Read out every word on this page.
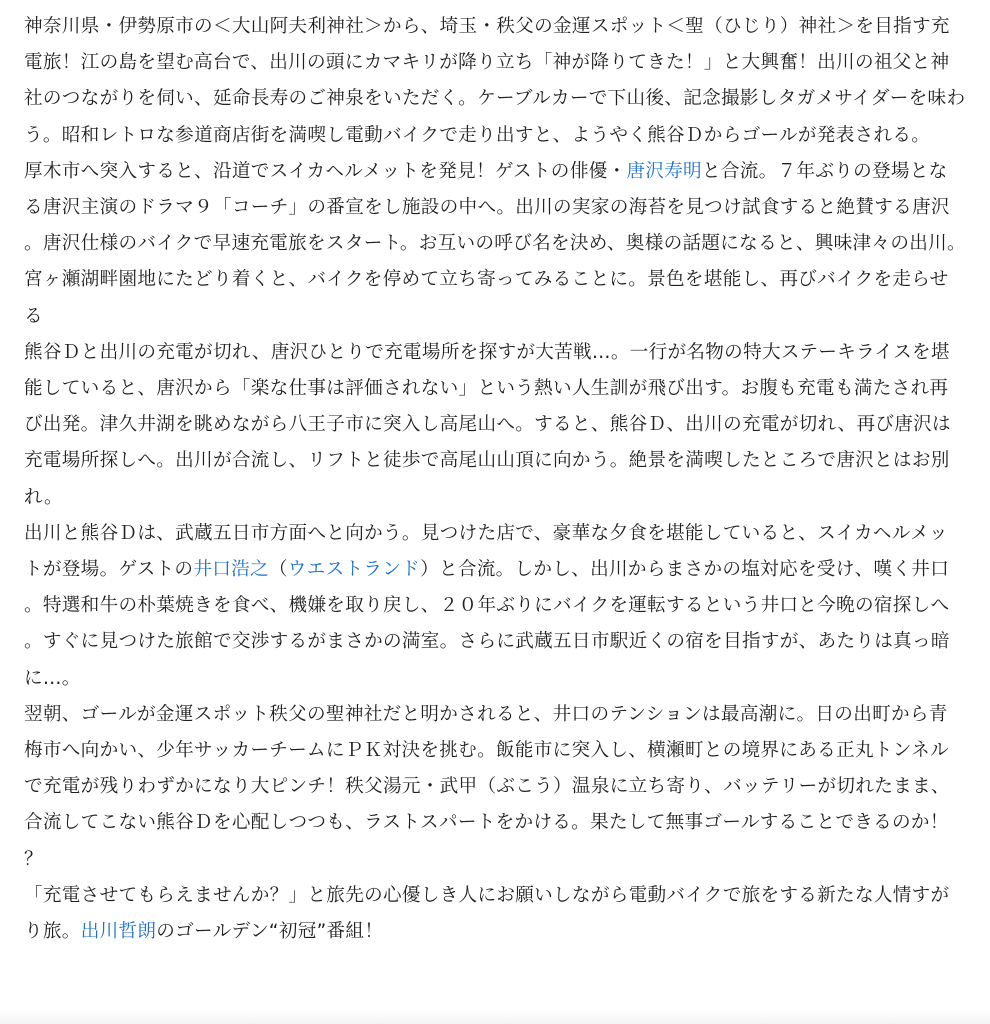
神奈川県・伊勢原市の＜大山阿夫利神社＞から、埼玉・秩父の金運スポット＜聖（ひじり）神社＞を目指す充電旅！江の島を望む高台で、出川の頭にカマキリが降り立ち「神が降りてきた！」と大興奮！出川の祖父と神社のつながりを伺い、延命長寿のご神泉をいただく。ケーブルカーで下山後、記念撮影しタガメサイダーを味わう。昭和レトロな参道商店街を満喫し電動バイクで走り出すと、ようやく熊谷Ｄからゴールが発表される。

厚木市へ突入すると、沿道でスイカヘルメットを発見！ゲストの俳優・唐沢寿明と合流。７年ぶりの登場となる唐沢主演のドラマ９「コーチ」の番宣をし施設の中へ。出川の実家の海苔を見つけ試食すると絶賛する唐沢。唐沢仕様のバイクで早速充電旅をスタート。お互いの呼び名を決め、奥様の話題になると、興味津々の出川。宮ヶ瀬湖畔園地にたどり着くと、バイクを停めて立ち寄ってみることに。景色を堪能し、再びバイクを走らせる

熊谷Ｄと出川の充電が切れ、唐沢ひとりで充電場所を探すが大苦戦…。一行が名物の特大ステーキライスを堪能していると、唐沢から「楽な仕事は評価されない」という熱い人生訓が飛び出す。お腹も充電も満たされ再び出発。津久井湖を眺めながら八王子市に突入し高尾山へ。すると、熊谷Ｄ、出川の充電が切れ、再び唐沢は充電場所探しへ。出川が合流し、リフトと徒歩で高尾山山頂に向かう。絶景を満喫したところで唐沢とはお別れ。

出川と熊谷Ｄは、武蔵五日市方面へと向かう。見つけた店で、豪華な夕食を堪能していると、スイカヘルメットが登場。ゲストの井口浩之（ウエストランド）と合流。しかし、出川からまさかの塩対応を受け、嘆く井口。特選和牛の朴葉焼きを食べ、機嫌を取り戻し、２０年ぶりにバイクを運転するという井口と今晩の宿探しへ。すぐに見つけた旅館で交渉するがまさかの満室。さらに武蔵五日市駅近くの宿を目指すが、あたりは真っ暗に…。

翌朝、ゴールが金運スポット秩父の聖神社だと明かされると、井口のテンションは最高潮に。日の出町から青梅市へ向かい、少年サッカーチームにＰＫ対決を挑む。飯能市に突入し、横瀬町との境界にある正丸トンネルで充電が残りわずかになり大ピンチ！秩父湯元・武甲（ぶこう）温泉に立ち寄り、バッテリーが切れたまま、合流してこない熊谷Ｄを心配しつつも、ラストスパートをかける。果たして無事ゴールすることできるのか！？

「充電させてもらえませんか？」と旅先の心優しき人にお願いしながら電動バイクで旅をする新たな人情すがり旅。出川哲朗のゴールデン“初冠”番組！
